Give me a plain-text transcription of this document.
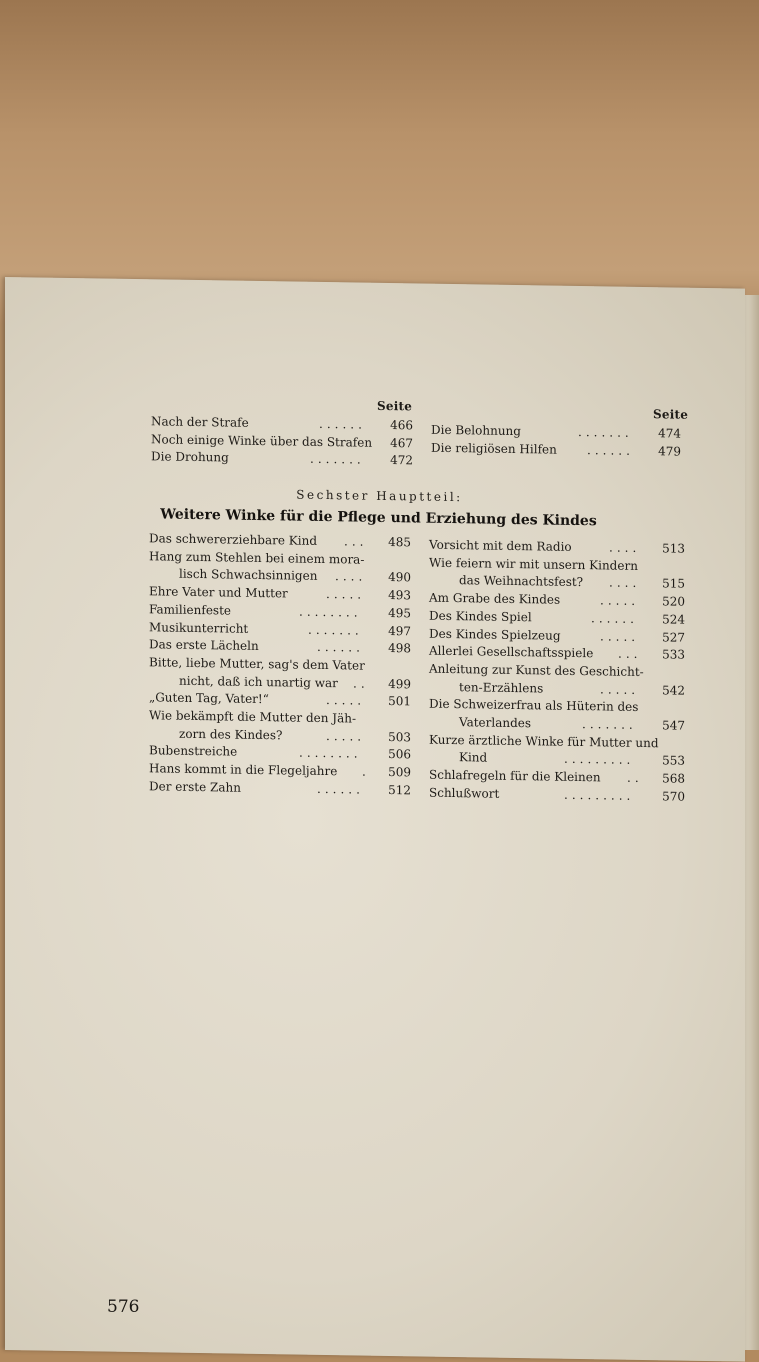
Seite
Seite
Nach der Strafe	466
......
Noch einige Winke über das Strafen	467
Die Drohung	472
.......
Die Belohnung	474
.......
Die religiösen Hilfen	479
......
Sechster Hauptteil:
Weitere Winke für die Pflege und Erziehung des Kindes
Das schwererziehbare Kind	485
...
Hang zum Stehlen bei einem mora-
lisch Schwachsinnigen	490
....
Ehre Vater und Mutter	493
.....
Familienfeste	495
........
Musikunterricht	497
.......
Das erste Lächeln	498
......
Bitte, liebe Mutter, sag's dem Vater
nicht, daß ich unartig war	499
..
„Guten Tag, Vater!“	501
.....
Wie bekämpft die Mutter den Jäh-
zorn des Kindes?	503
.....
Bubenstreiche	506
........
Hans kommt in die Flegeljahre	509
.
Der erste Zahn	512
......
Vorsicht mit dem Radio	513
....
Wie feiern wir mit unsern Kindern
das Weihnachtsfest?	515
....
Am Grabe des Kindes	520
.....
Des Kindes Spiel	524
......
Des Kindes Spielzeug	527
.....
Allerlei Gesellschaftsspiele	533
...
Anleitung zur Kunst des Geschicht-
ten-Erzählens	542
.....
Die Schweizerfrau als Hüterin des
Vaterlandes	547
.......
Kurze ärztliche Winke für Mutter und
Kind	553
.........
Schlafregeln für die Kleinen	568
..
Schlußwort	570
.........
576
